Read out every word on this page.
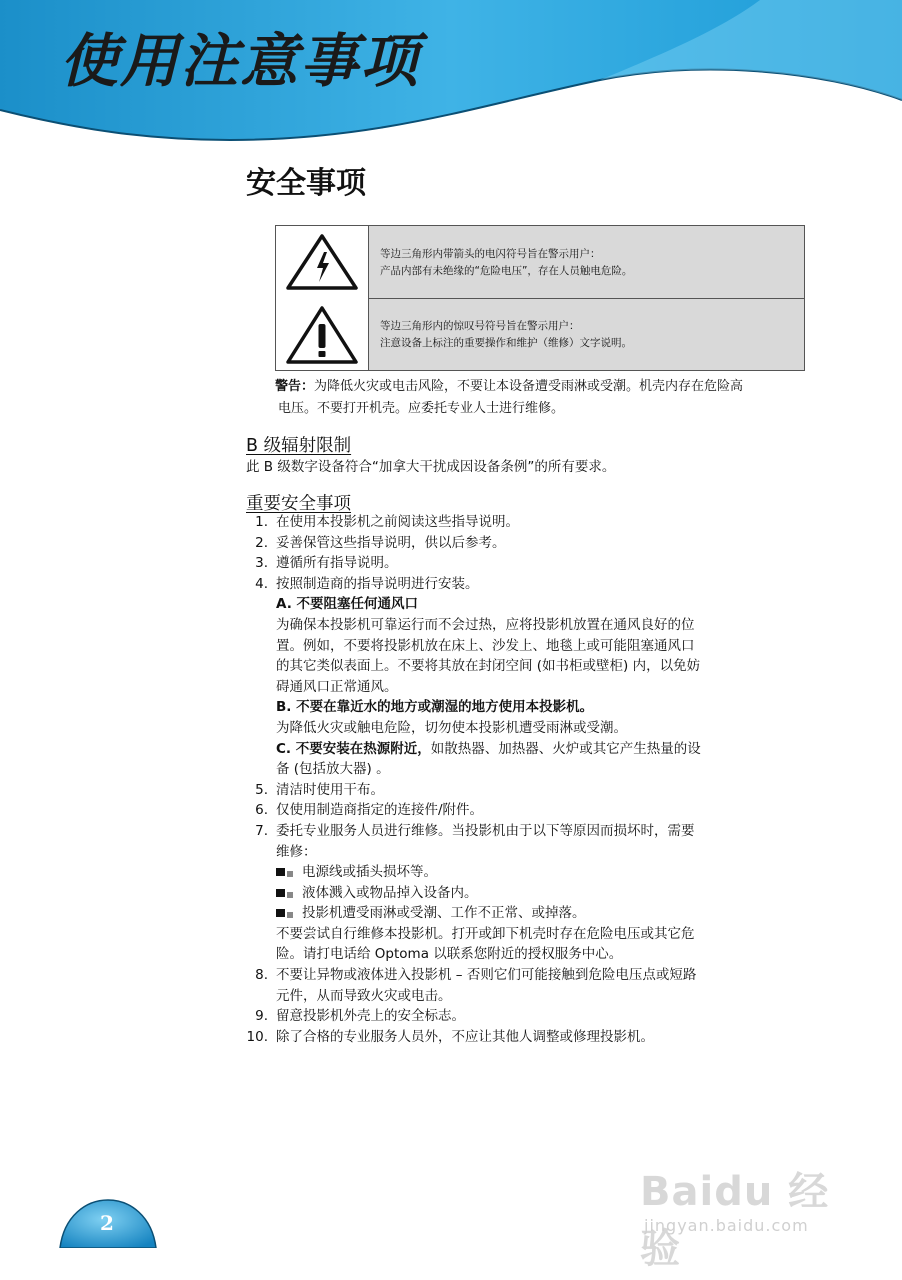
使用注意事项
安全事项
等边三角形内带箭头的电闪符号旨在警示用户：
产品内部有未绝缘的“危险电压”，存在人员触电危险。
等边三角形内的惊叹号符号旨在警示用户：
注意设备上标注的重要操作和维护（维修）文字说明。
警告：为降低火灾或电击风险，不要让本设备遭受雨淋或受潮。机壳内存在危险高
电压。不要打开机壳。应委托专业人士进行维修。
B 级辐射限制
此 B 级数字设备符合“加拿大干扰成因设备条例”的所有要求。
重要安全事项
1. 在使用本投影机之前阅读这些指导说明。
2. 妥善保管这些指导说明，供以后参考。
3. 遵循所有指导说明。
4. 按照制造商的指导说明进行安装。
A. 不要阻塞任何通风口
为确保本投影机可靠运行而不会过热，应将投影机放置在通风良好的位
置。例如，不要将投影机放在床上、沙发上、地毯上或可能阻塞通风口
的其它类似表面上。不要将其放在封闭空间 (如书柜或壁柜) 内，以免妨
碍通风口正常通风。
B. 不要在靠近水的地方或潮湿的地方使用本投影机。
为降低火灾或触电危险，切勿使本投影机遭受雨淋或受潮。
C. 不要安装在热源附近，如散热器、加热器、火炉或其它产生热量的设
备 (包括放大器) 。
5. 清洁时使用干布。
6. 仅使用制造商指定的连接件/附件。
7. 委托专业服务人员进行维修。当投影机由于以下等原因而损坏时，需要
维修：
电源线或插头损坏等。
液体溅入或物品掉入设备内。
投影机遭受雨淋或受潮、工作不正常、或掉落。
不要尝试自行维修本投影机。打开或卸下机壳时存在危险电压或其它危
险。请打电话给 Optoma 以联系您附近的授权服务中心。
8. 不要让异物或液体进入投影机 – 否则它们可能接触到危险电压点或短路
元件，从而导致火灾或电击。
9. 留意投影机外壳上的安全标志。
10. 除了合格的专业服务人员外，不应让其他人调整或修理投影机。
2
Baidu 经验
jingyan.baidu.com
